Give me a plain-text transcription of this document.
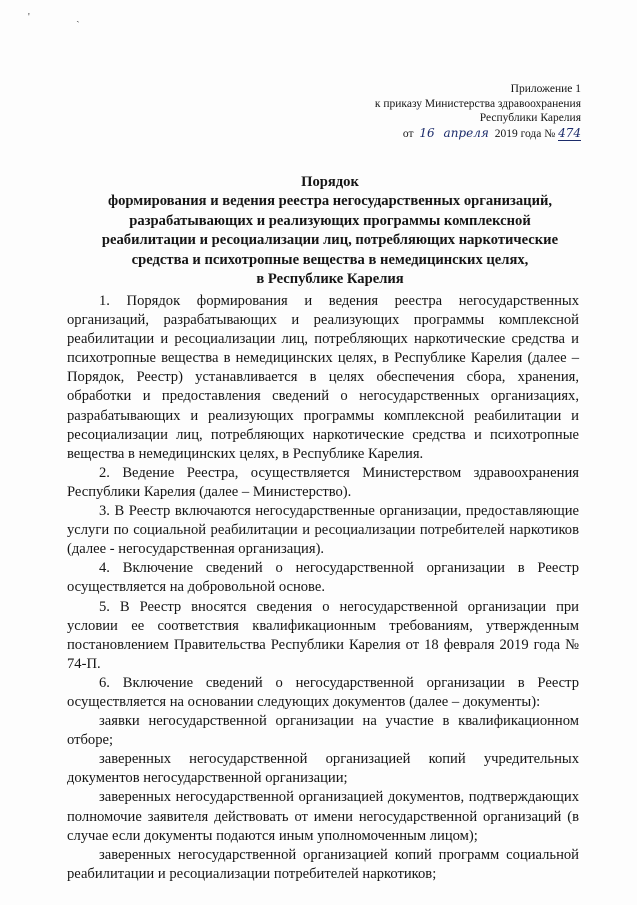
' ˎ
Приложение 1
к приказу Министерства здравоохранения
Республики Карелия
от 16 апреля 2019 года № 474
Порядок
формирования и ведения реестра негосударственных организаций,
разрабатывающих и реализующих программы комплексной
реабилитации и ресоциализации лиц, потребляющих наркотические
средства и психотропные вещества в немедицинских целях,
в Республике Карелия

1. Порядок формирования и ведения реестра негосударственных организаций, разрабатывающих и реализующих программы комплексной реабилитации и ресоциализации лиц, потребляющих наркотические средства и психотропные вещества в немедицинских целях, в Республике Карелия (далее – Порядок, Реестр) устанавливается в целях обеспечения сбора, хранения, обработки и предоставления сведений о негосударственных организациях, разрабатывающих и реализующих программы комплексной реабилитации и ресоциализации лиц, потребляющих наркотические средства и психотропные вещества в немедицинских целях, в Республике Карелия.

2. Ведение Реестра, осуществляется Министерством здравоохранения Республики Карелия (далее – Министерство).

3. В Реестр включаются негосударственные организации, предоставляющие услуги по социальной реабилитации и ресоциализации потребителей наркотиков (далее - негосударственная организация).

4. Включение сведений о негосударственной организации в Реестр осуществляется на добровольной основе.

5. В Реестр вносятся сведения о негосударственной организации при условии ее соответствия квалификационным требованиям, утвержденным постановлением Правительства Республики Карелия от 18 февраля 2019 года № 74-П.

6. Включение сведений о негосударственной организации в Реестр осуществляется на основании следующих документов (далее – документы):

заявки негосударственной организации на участие в квалификационном отборе;

заверенных негосударственной организацией копий учредительных документов негосударственной организации;

заверенных негосударственной организацией документов, подтверждающих полномочие заявителя действовать от имени негосударственной организаций (в случае если документы подаются иным уполномоченным лицом);

заверенных негосударственной организацией копий программ социальной реабилитации и ресоциализации потребителей наркотиков;
